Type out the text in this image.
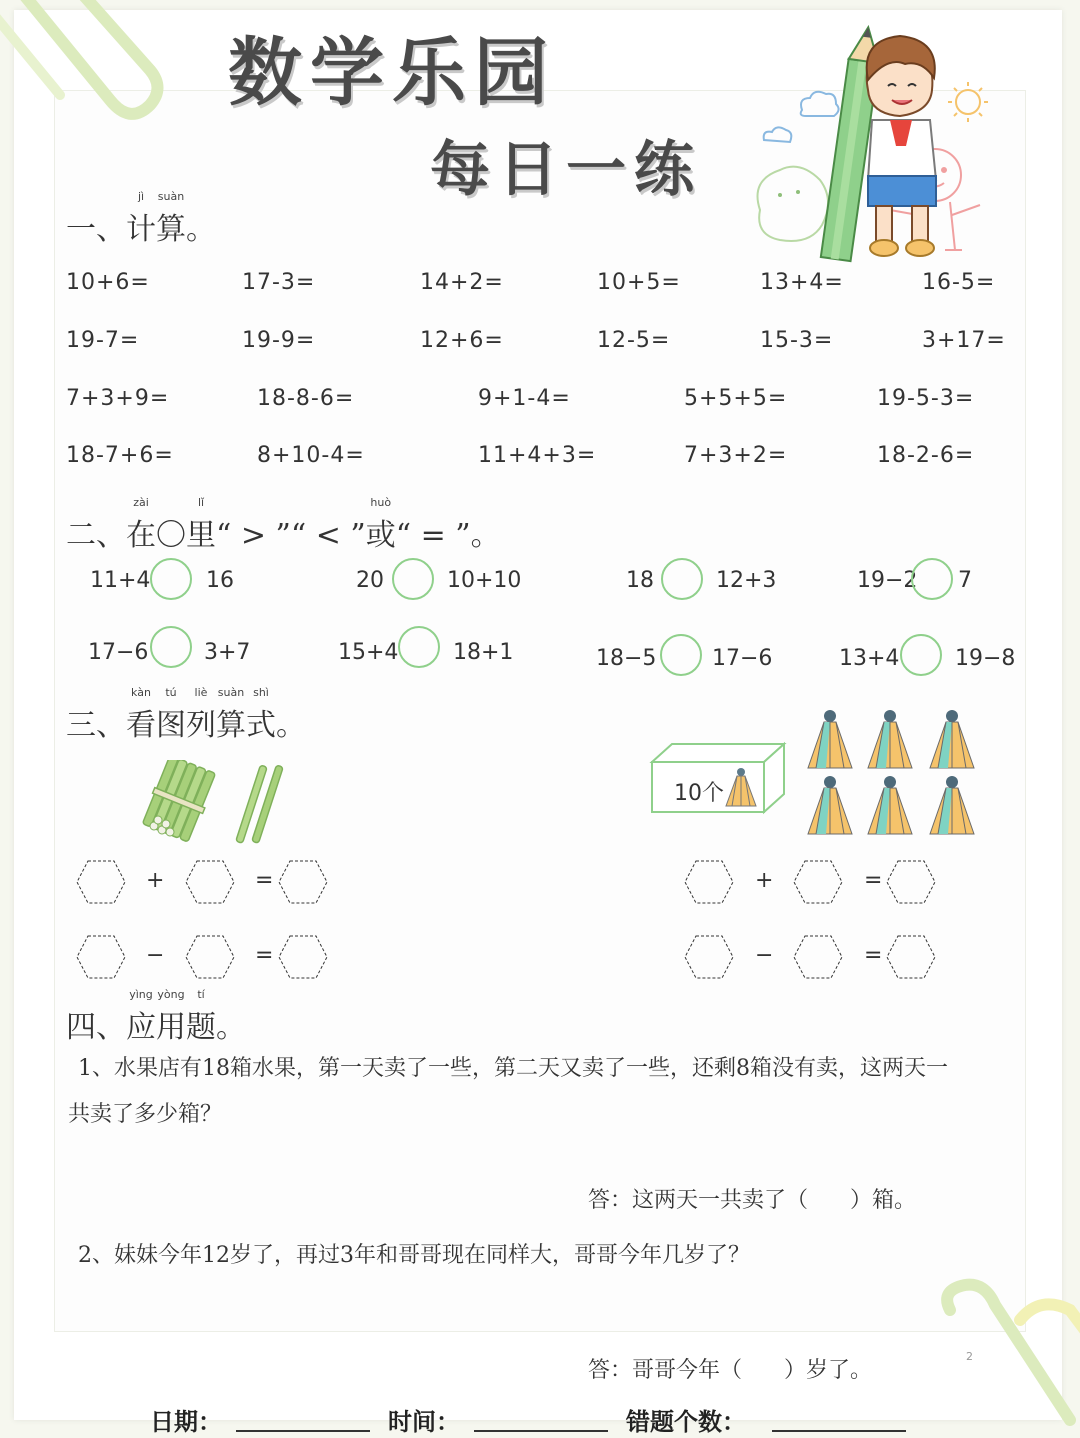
数学乐园
每日一练
一、
jì
计
suàn
算。
10+6=	17-3=	14+2=	10+5=	13+4=	16-5=
19-7=	19-9=	12+6=	12-5=	15-3=	3+17=
7+3+9=	18-8-6=	9+1-4=	5+5+5=	19-5-3=
18-7+6=	8+10-4=	11+4+3=	7+3+2=	18-2-6=
二、
zài
在〇
lǐ
里“ > ”“ < ”
huò
或“ = ”。
11+4	16	20	10+10	18	12+3	19−2 7
17−6	3+7	15+4 18+1	18−5	17−6	13+4	19−8
三、
kàn
看
tú
图
liè
列
suàn
算
shì
式。
10个
+	=
−	=
+	=
−	=
四、
yìng
应
yòng
用
tí
题。
1、水果店有18箱水果，第一天卖了一些，第二天又卖了一些，还剩8箱没有卖，这两天一
共卖了多少箱？
答：这两天一共卖了（      ）箱。
2、妹妹今年12岁了，再过3年和哥哥现在同样大，哥哥今年几岁了？
答：哥哥今年（      ）岁了。
2
日期：	时间：	错题个数：
